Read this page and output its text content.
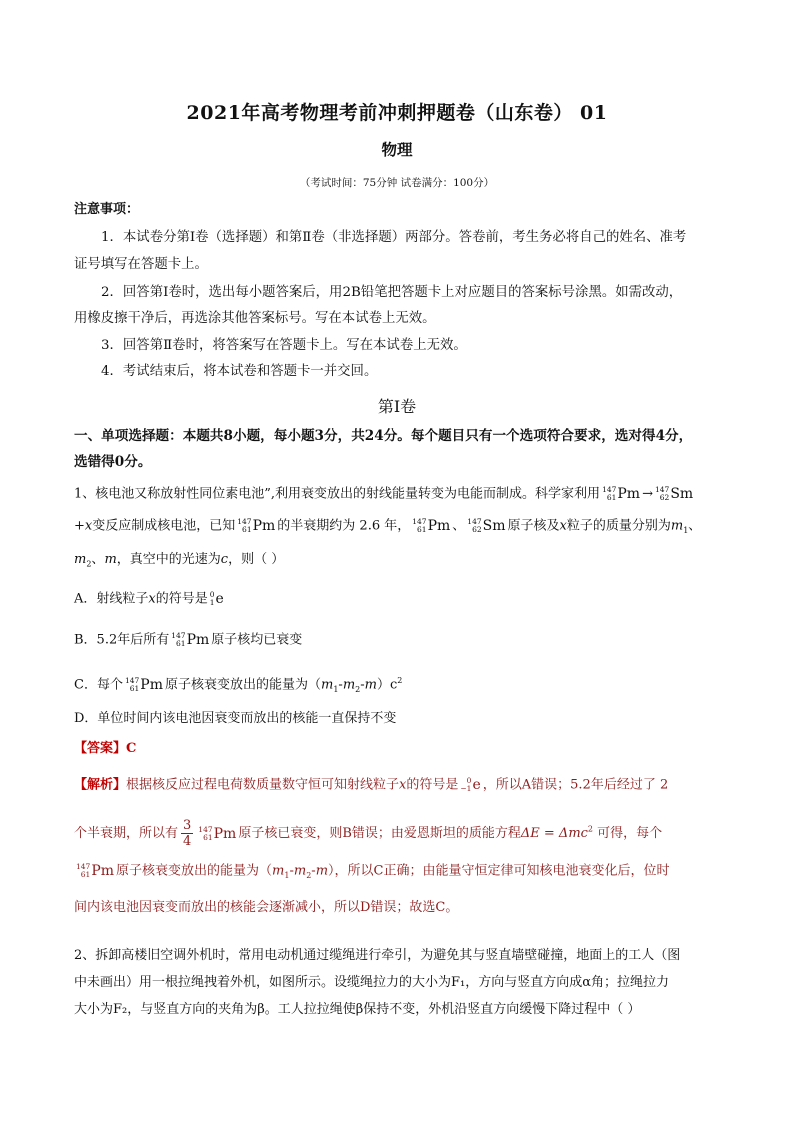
2021年高考物理考前冲刺押题卷（山东卷） 01
物理
（考试时间：75分钟 试卷满分：100分）
注意事项：
1．本试卷分第Ⅰ卷（选择题）和第Ⅱ卷（非选择题）两部分。答卷前，考生务必将自己的姓名、准考
证号填写在答题卡上。
2．回答第Ⅰ卷时，选出每小题答案后，用2B铅笔把答题卡上对应题目的答案标号涂黑。如需改动，
用橡皮擦干净后，再选涂其他答案标号。写在本试卷上无效。
3．回答第Ⅱ卷时，将答案写在答题卡上。写在本试卷上无效。
4．考试结束后，将本试卷和答题卡一并交回。
第Ⅰ卷
一、单项选择题：本题共8小题，每小题3分，共24分。每个题目只有一个选项符合要求，选对得4分，
选错得0分。
1、核电池又称放射性同位素电池”,利用衰变放出的射线能量转变为电能而制成。科学家利用 147
61 Pm → 147
62 Sm
+x变反应制成核电池，已知 147
61 Pm 的半衰期约为 2.6 年， 147
61 Pm 、 147
62 Sm 原子核及x粒子的质量分别为$m_1$、
$m_2$、m，真空中的光速为c，则（ ）
A．射线粒子x的符号是 0
1 e
B．5.2年后所有 147
61 Pm 原子核均已衰变
C．每个 147
61 Pm 原子核衰变放出的能量为$(m_1-m_2-m)c^2$
D．单位时间内该电池因衰变而放出的核能一直保持不变
【答案】C
【解析】根据核反应过程电荷数质量数守恒可知射线粒子x的符号是	0
−1 e ，所以A错误；5.2年后经过了 2
个半衰期，所以有 $\frac{3}{4} 147$
61 Pm 原子核已衰变，则B错误；由爱恩斯坦的质能方程ΔE = Δmc$^2$ 可得，每个
147
61 Pm 原子核衰变放出的能量为$(m_1-m_2-m)$，所以C正确；由能量守恒定律可知核电池衰变化后，位时
间内该电池因衰变而放出的核能会逐渐减小，所以D错误；故选C。
2、拆卸高楼旧空调外机时，常用电动机通过缆绳进行牵引，为避免其与竖直墙壁碰撞，地面上的工人（图
中未画出）用一根拉绳拽着外机，如图所示。设缆绳拉力的大小为F₁，方向与竖直方向成α角；拉绳拉力
大小为F₂，与竖直方向的夹角为β。工人拉拉绳使β保持不变，外机沿竖直方向缓慢下降过程中（ ）
